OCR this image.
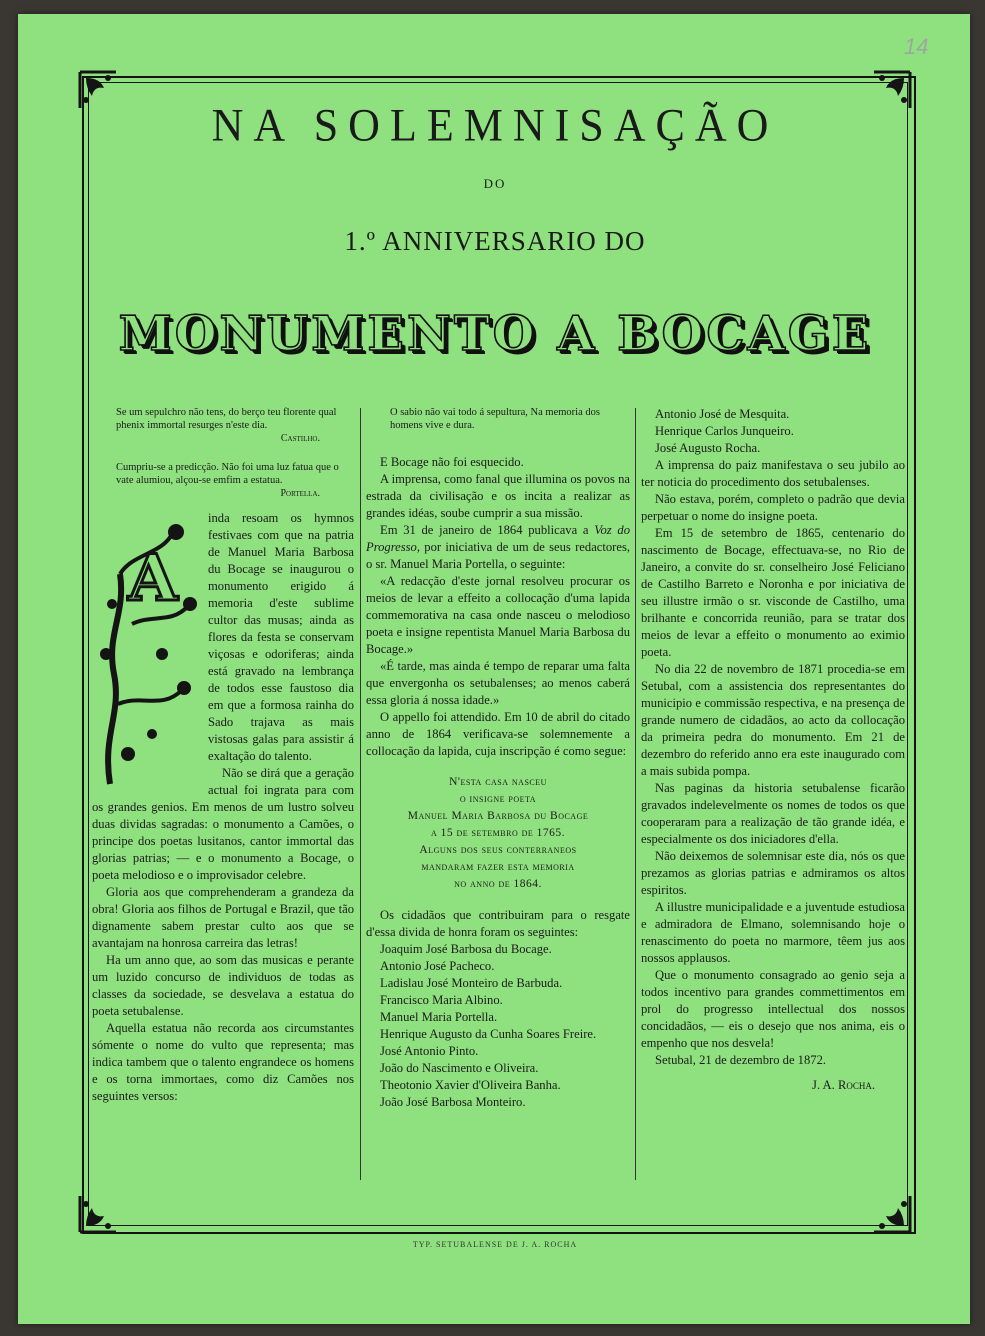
14
NA SOLEMNISAÇÃO
DO
1.º ANNIVERSARIO DO
MONUMENTO A BOCAGE
Se um sepulchro não tens, do berço teu florente qual phenix immortal resurges n'este dia.
Castilho.
Cumpriu-se a predicção. Não foi uma luz fatua que o vate alumiou, alçou-se emfim a estatua.
Portella.
A

inda resoam os hymnos festivaes com que na patria de Manuel Maria Barbosa du Bocage se inaugurou o monumento erigido á memoria d'este sublime cultor das musas; ainda as flores da festa se conservam viçosas e odoriferas; ainda está gravado na lembrança de todos esse faustoso dia em que a formosa rainha do Sado trajava as mais vistosas galas para assistir á exaltação do talento.

Não se dirá que a geração actual foi ingrata para com os grandes genios. Em menos de um lustro solveu duas dividas sagradas: o monumento a Camões, o principe dos poetas lusitanos, cantor immortal das glorias patrias; — e o monumento a Bocage, o poeta melodioso e o improvisador celebre.

Gloria aos que comprehenderam a grandeza da obra! Gloria aos filhos de Portugal e Brazil, que tão dignamente sabem prestar culto aos que se avantajam na honrosa carreira das letras!

Ha um anno que, ao som das musicas e perante um luzido concurso de individuos de todas as classes da sociedade, se desvelava a estatua do poeta setubalense.

Aquella estatua não recorda aos circumstantes sómente o nome do vulto que representa; mas indica tambem que o talento engrandece os homens e os torna immortaes, como diz Camões nos seguintes versos:

O sabio não vai todo á sepultura, Na memoria dos homens vive e dura.

E Bocage não foi esquecido.

A imprensa, como fanal que illumina os povos na estrada da civilisação e os incita a realizar as grandes idéas, soube cumprir a sua missão.

Em 31 de janeiro de 1864 publicava a Voz do Progresso, por iniciativa de um de seus redactores, o sr. Manuel Maria Portella, o seguinte:

«A redacção d'este jornal resolveu procurar os meios de levar a effeito a collocação d'uma lapida commemorativa na casa onde nasceu o melodioso poeta e insigne repentista Manuel Maria Barbosa du Bocage.»

«É tarde, mas ainda é tempo de reparar uma falta que envergonha os setubalenses; ao menos caberá essa gloria á nossa idade.»

O appello foi attendido. Em 10 de abril do citado anno de 1864 verificava-se solemnemente a collocação da lapida, cuja inscripção é como segue:

N'esta casa nasceu
o insigne poeta
Manuel Maria Barbosa du Bocage
a 15 de setembro de 1765.
Alguns dos seus conterraneos
mandaram fazer esta memoria
no anno de 1864.

Os cidadãos que contribuiram para o resgate d'essa divida de honra foram os seguintes:

Joaquim José Barbosa du Bocage.

Antonio José Pacheco.

Ladislau José Monteiro de Barbuda.

Francisco Maria Albino.

Manuel Maria Portella.

Henrique Augusto da Cunha Soares Freire.

José Antonio Pinto.

João do Nascimento e Oliveira.

Theotonio Xavier d'Oliveira Banha.

João José Barbosa Monteiro.

Antonio José de Mesquita.

Henrique Carlos Junqueiro.

José Augusto Rocha.

A imprensa do paiz manifestava o seu jubilo ao ter noticia do procedimento dos setubalenses.

Não estava, porém, completo o padrão que devia perpetuar o nome do insigne poeta.

Em 15 de setembro de 1865, centenario do nascimento de Bocage, effectuava-se, no Rio de Janeiro, a convite do sr. conselheiro José Feliciano de Castilho Barreto e Noronha e por iniciativa de seu illustre irmão o sr. visconde de Castilho, uma brilhante e concorrida reunião, para se tratar dos meios de levar a effeito o monumento ao eximio poeta.

No dia 22 de novembro de 1871 procedia-se em Setubal, com a assistencia dos representantes do municipio e commissão respectiva, e na presença de grande numero de cidadãos, ao acto da collocação da primeira pedra do monumento. Em 21 de dezembro do referido anno era este inaugurado com a mais subida pompa.

Nas paginas da historia setubalense ficarão gravados indelevelmente os nomes de todos os que cooperaram para a realização de tão grande idéa, e especialmente os dos iniciadores d'ella.

Não deixemos de solemnisar este dia, nós os que prezamos as glorias patrias e admiramos os altos espiritos.

A illustre municipalidade e a juventude estudiosa e admiradora de Elmano, solemnisando hoje o renascimento do poeta no marmore, têem jus aos nossos applausos.

Que o monumento consagrado ao genio seja a todos incentivo para grandes commettimentos em prol do progresso intellectual dos nossos concidadãos, — eis o desejo que nos anima, eis o empenho que nos desvela!

Setubal, 21 de dezembro de 1872.

J. A. Rocha.
TYP. SETUBALENSE DE J. A. ROCHA
